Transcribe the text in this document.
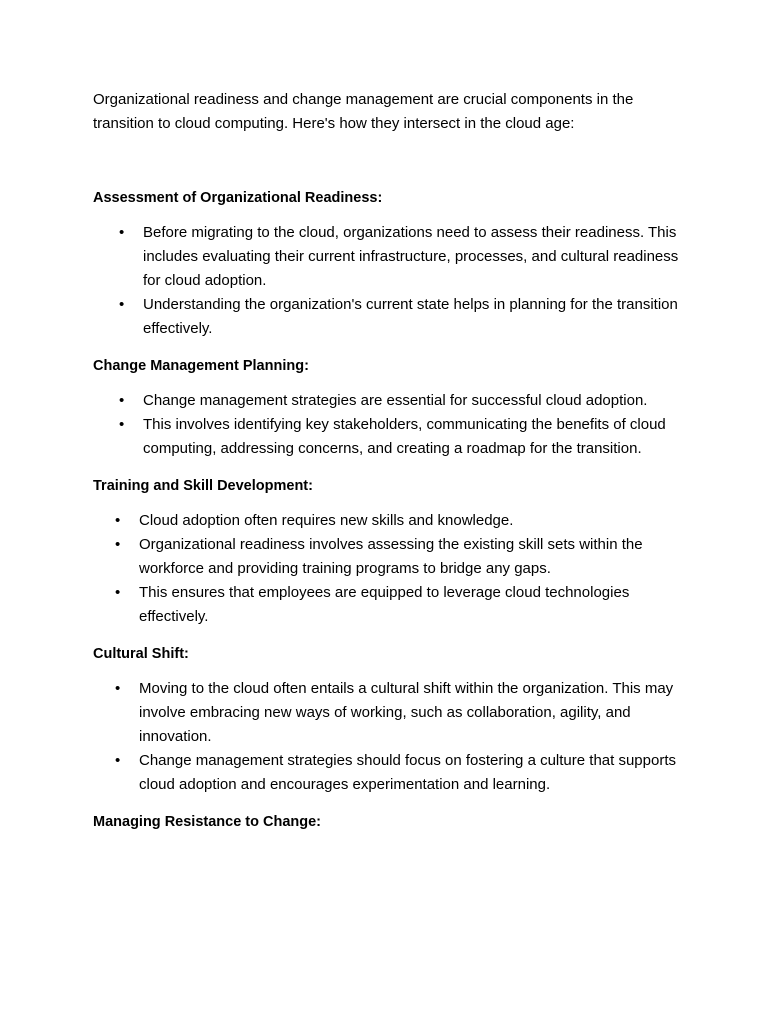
Organizational readiness and change management are crucial components in the transition to cloud computing. Here's how they intersect in the cloud age:

Assessment of Organizational Readiness:
• Before migrating to the cloud, organizations need to assess their readiness. This includes evaluating their current infrastructure, processes, and cultural readiness for cloud adoption.
• Understanding the organization's current state helps in planning for the transition effectively.
Change Management Planning:
• Change management strategies are essential for successful cloud adoption.
• This involves identifying key stakeholders, communicating the benefits of cloud computing, addressing concerns, and creating a roadmap for the transition.
Training and Skill Development:
• Cloud adoption often requires new skills and knowledge.
• Organizational readiness involves assessing the existing skill sets within the workforce and providing training programs to bridge any gaps.
• This ensures that employees are equipped to leverage cloud technologies effectively.
Cultural Shift:
• Moving to the cloud often entails a cultural shift within the organization. This may involve embracing new ways of working, such as collaboration, agility, and innovation.
• Change management strategies should focus on fostering a culture that supports cloud adoption and encourages experimentation and learning.
Managing Resistance to Change:
